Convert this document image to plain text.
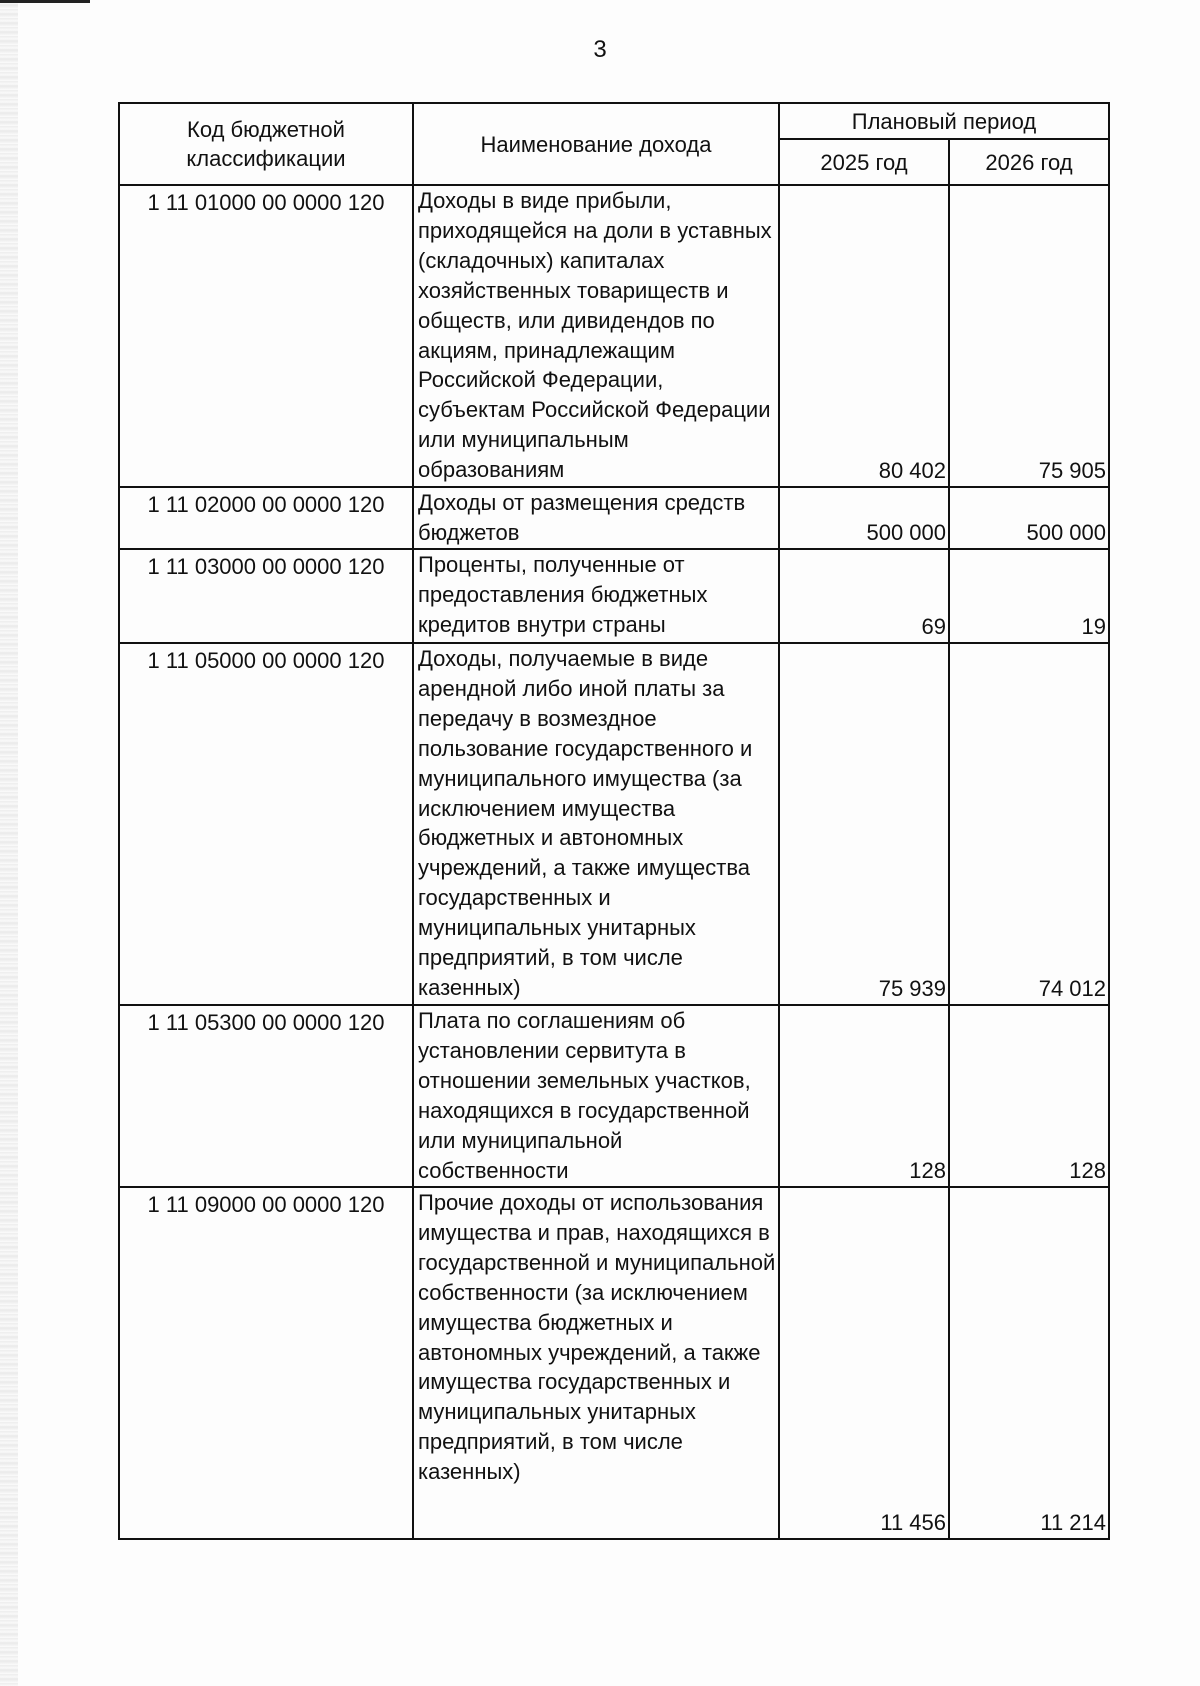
3
Код бюджетной классификации	Наименование дохода	Плановый период	
		2025 год	2026 год
1 11 01000 00 0000 120	Доходы в виде прибыли, приходящейся на доли в уставных (складочных) капиталах хозяйственных товариществ и обществ, или дивидендов по акциям, принадлежащим Российской Федерации, субъектам Российской Федерации или муниципальным образованиям	80 402	75 905
1 11 02000 00 0000 120	Доходы от размещения средств бюджетов	500 000	500 000
1 11 03000 00 0000 120	Проценты, полученные от предоставления бюджетных кредитов внутри страны	69	19
1 11 05000 00 0000 120	Доходы, получаемые в виде арендной либо иной платы за передачу в возмездное пользование государственного и муниципального имущества (за исключением имущества бюджетных и автономных учреждений, а также имущества государственных и муниципальных унитарных предприятий, в том числе казенных)	75 939	74 012
1 11 05300 00 0000 120	Плата по соглашениям об установлении сервитута в отношении земельных участков, находящихся в государственной или муниципальной собственности	128	128
1 11 09000 00 0000 120	Прочие доходы от использования имущества и прав, находящихся в государственной и муниципальной собственности (за исключением имущества бюджетных и автономных учреждений, а также имущества государственных и муниципальных унитарных предприятий, в том числе казенных)	11 456	11 214
